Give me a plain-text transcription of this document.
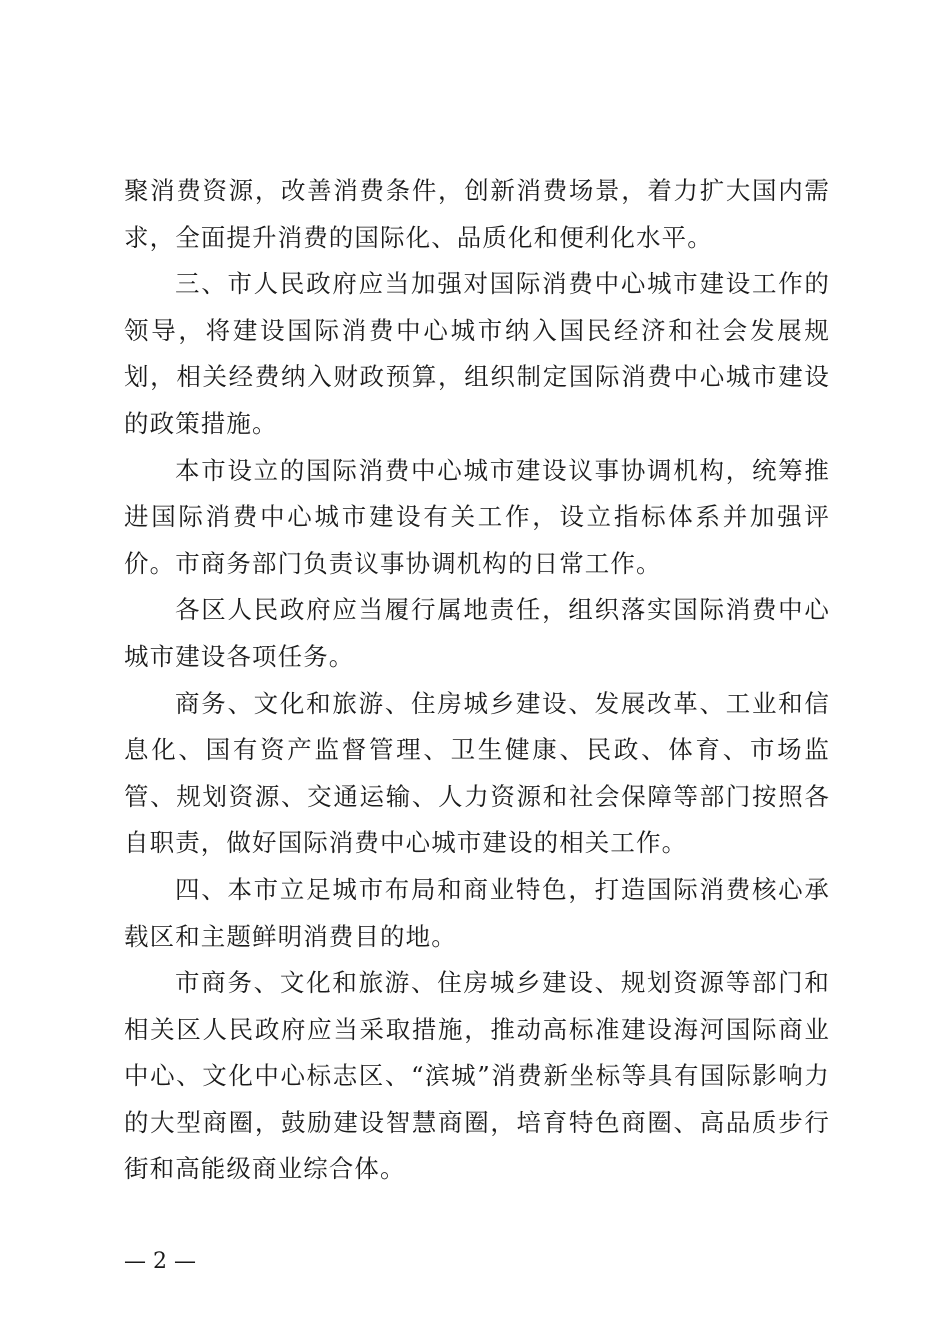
聚消费资源，改善消费条件，创新消费场景，着力扩大国内需求，全面提升消费的国际化、品质化和便利化水平。

三、市人民政府应当加强对国际消费中心城市建设工作的领导，将建设国际消费中心城市纳入国民经济和社会发展规划，相关经费纳入财政预算，组织制定国际消费中心城市建设的政策措施。

本市设立的国际消费中心城市建设议事协调机构，统筹推进国际消费中心城市建设有关工作，设立指标体系并加强评价。市商务部门负责议事协调机构的日常工作。

各区人民政府应当履行属地责任，组织落实国际消费中心城市建设各项任务。

商务、文化和旅游、住房城乡建设、发展改革、工业和信息化、国有资产监督管理、卫生健康、民政、体育、市场监管、规划资源、交通运输、人力资源和社会保障等部门按照各自职责，做好国际消费中心城市建设的相关工作。

四、本市立足城市布局和商业特色，打造国际消费核心承载区和主题鲜明消费目的地。

市商务、文化和旅游、住房城乡建设、规划资源等部门和相关区人民政府应当采取措施，推动高标准建设海河国际商业中心、文化中心标志区、“滨城”消费新坐标等具有国际影响力的大型商圈，鼓励建设智慧商圈，培育特色商圈、高品质步行街和高能级商业综合体。

— 2 —
